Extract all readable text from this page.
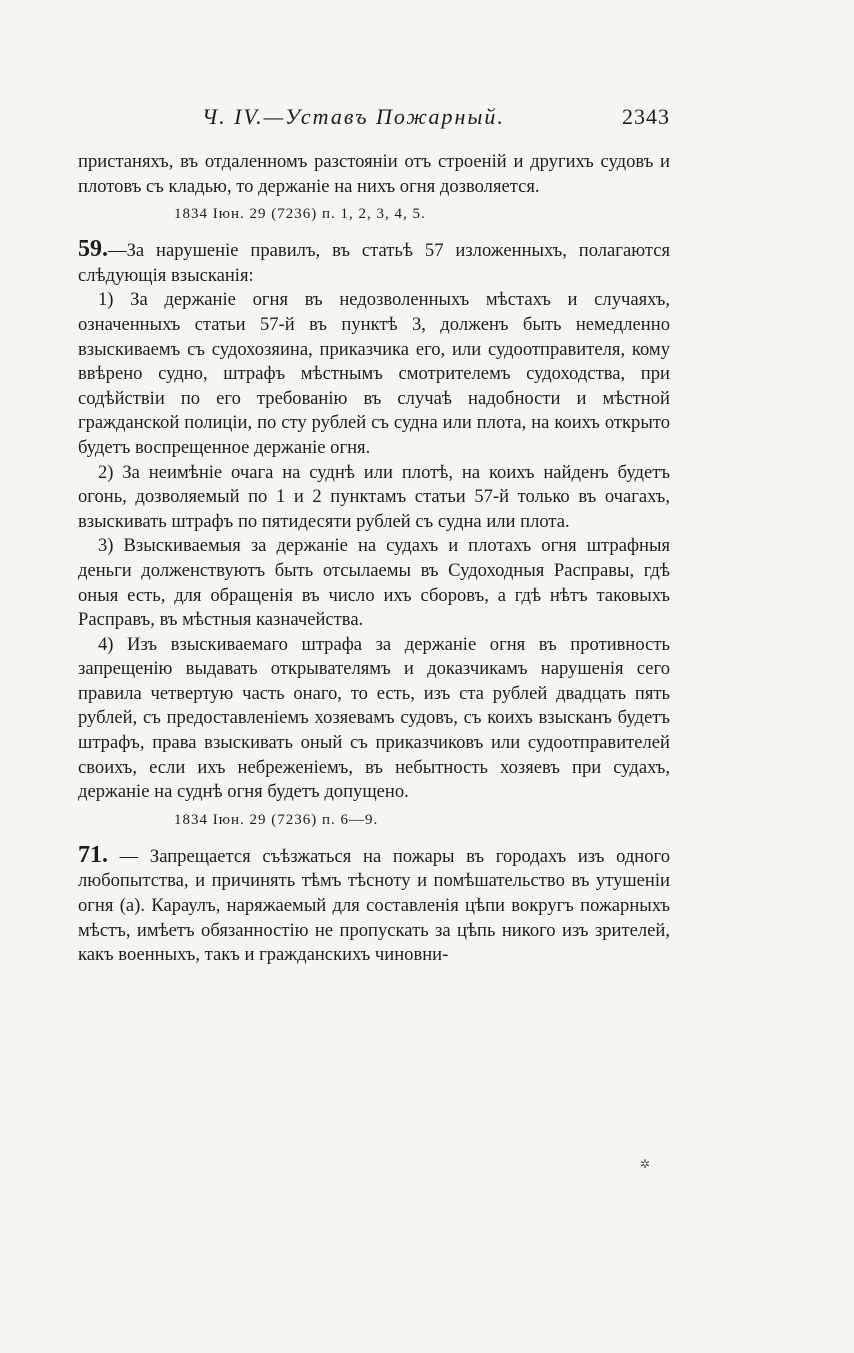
Ч. IV.—Уставъ Пожарный.	2343

пристаняхъ, въ отдаленномъ разстояніи отъ строеній и другихъ судовъ и плотовъ съ кладью, то держаніе на нихъ огня дозволяется.

1834 Іюн. 29 (7236) п. 1, 2, 3, 4, 5.

59.—За нарушеніе правилъ, въ статьѣ 57 изложенныхъ, полагаются слѣдующія взысканія:

1) За держаніе огня въ недозволенныхъ мѣстахъ и случаяхъ, означенныхъ статьи 57-й въ пунктѣ 3, долженъ быть немедленно взыскиваемъ съ судохозяина, приказчика его, или судоотправителя, кому ввѣрено судно, штрафъ мѣстнымъ смотрителемъ судоходства, при содѣйствіи по его требованію въ случаѣ надобности и мѣстной гражданской полиціи, по сту рублей съ судна или плота, на коихъ открыто будетъ воспрещенное держаніе огня.

2) За неимѣніе очага на суднѣ или плотѣ, на коихъ найденъ будетъ огонь, дозволяемый по 1 и 2 пунктамъ статьи 57-й только въ очагахъ, взыскивать штрафъ по пятидесяти рублей съ судна или плота.

3) Взыскиваемыя за держаніе на судахъ и плотахъ огня штрафныя деньги долженствуютъ быть отсылаемы въ Судоходныя Расправы, гдѣ оныя есть, для обращенія въ число ихъ сборовъ, а гдѣ нѣтъ таковыхъ Расправъ, въ мѣстныя казначейства.

4) Изъ взыскиваемаго штрафа за держаніе огня въ противность запрещенію выдавать открывателямъ и доказчикамъ нарушенія сего правила четвертую часть онаго, то есть, изъ ста рублей двадцать пять рублей, съ предоставленіемъ хозяевамъ судовъ, съ коихъ взысканъ будетъ штрафъ, права взыскивать оный съ приказчиковъ или судоотправителей своихъ, если ихъ небреженіемъ, въ небытность хозяевъ при судахъ, держаніе на суднѣ огня будетъ допущено.

1834 Іюн. 29 (7236) п. 6—9.

71. — Запрещается съѣзжаться на пожары въ городахъ изъ одного любопытства, и причинять тѣмъ тѣсноту и помѣшательство въ утушеніи огня (а). Караулъ, наряжаемый для составленія цѣпи вокругъ пожарныхъ мѣстъ, имѣетъ обязанностію не пропускать за цѣпь никого изъ зрителей, какъ военныхъ, такъ и гражданскихъ чиновни-

✲
